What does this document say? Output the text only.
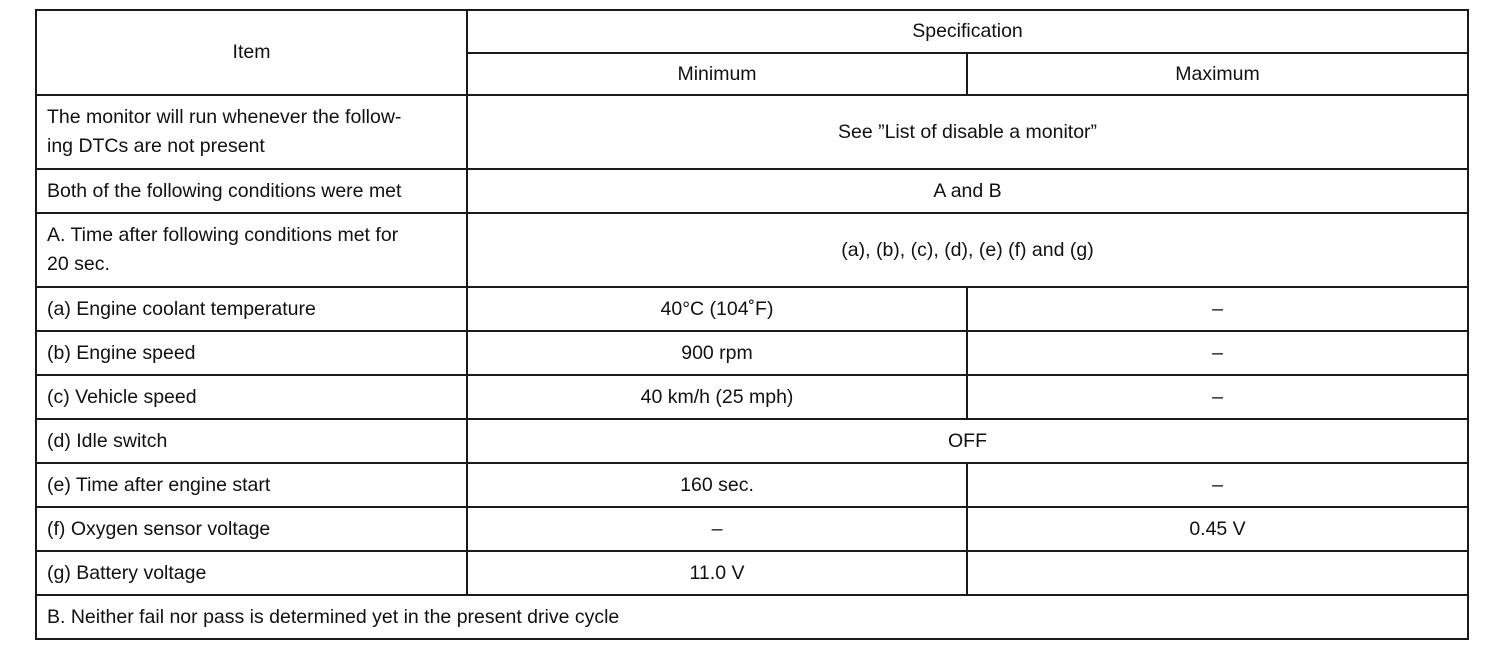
Item	Specification	
	Minimum	Maximum
The monitor will run whenever the follow-
ing DTCs are not present	See ”List of disable a monitor”	
Both of the following conditions were met	A and B	
A. Time after following conditions met for
20 sec.	(a), (b), (c), (d), (e) (f) and (g)	
(a) Engine coolant temperature	40°C (104˚F)	–
(b) Engine speed	900 rpm	–
(c) Vehicle speed	40 km/h (25 mph)	–
(d) Idle switch	OFF	
(e) Time after engine start	160 sec.	–
(f) Oxygen sensor voltage	–	0.45 V
(g) Battery voltage	11.0 V	
B. Neither fail nor pass is determined yet in the present drive cycle		
